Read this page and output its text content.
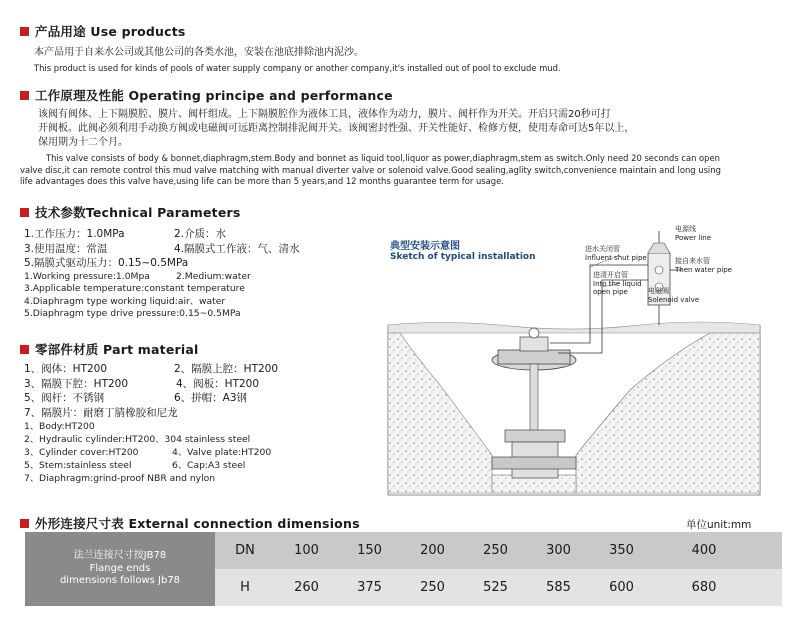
产品用途 Use products
本产品用于自来水公司或其他公司的各类水池，安装在池底排除池内泥沙。
This product is used for kinds of pools of water supply company or another company,it's installed out of pool to exclude mud.
工作原理及性能 Operating principe and performance
该阀有阀体、上下隔膜腔、膜片、阀杆组成。上下隔膜腔作为液体工具，液体作为动力，膜片、阀杆作为开关。开启只需20秒可打
开阀板。此阀必须利用手动换方阀或电磁阀可远距离控制排泥阀开关。该阀密封性强、开关性能好、检修方便，使用寿命可达5年以上，
保用期为十二个月。
This valve consists of body & bonnet,diaphragm,stem.Body and bonnet as liquid tool,liquor as power,diaphragm,stem as switch.Only need 20 seconds can open
valve disc,it can remote control this mud valve matching with manual diverter valve or solenoid valve.Good sealing,aglity switch,convenience maintain and long using
life advantages does this valve have,using life can be more than 5 years,and 12 months guarantee term for usage.
技术参数Technical Parameters
1.工作压力：1.0MPa	2.介质：水
3.使用温度：常温	4.隔膜式工作液：气、清水
5.隔膜式驱动压力：0.15~0.5MPa
1.Working pressure:1.0Mpa	2.Medium:water
3.Applicable temperature:constant temperature
4.Diaphragm type working liquid:air、water
5.Diaphragm type drive pressure:0.15~0.5MPa
零部件材质 Part material
1、阀体：HT200	2、隔膜上腔：HT200
3、隔膜下腔：HT200	4、阀板：HT200
5、阀杆：不锈钢	6、拼帽：A3钢
7、隔膜片：耐磨丁腈橡胶和尼龙
1、Body:HT200
2、Hydraulic cylinder:HT200、304 stainless steel
3、Cylinder cover:HT200	4、Valve plate:HT200
5、Stem:stainless steel	6、Cap:A3 steel
7、Diaphragm:grind-proof NBR and nylon
典型安装示意图
Sketch of typical installation
电源线
Power line
进水关闭管
Influent shut pipe
进清开启管
Into the liquid
open pipe
接自来水管
Then water pipe
电磁阀
Solenoid valve
外形连接尺寸表 External connection dimensions	单位unit:mm
法兰连接尺寸按JB78
Flange ends
dimensions follows Jb78
DN	100	150	200	250	300	350	400
H	260	375	250	525	585	600	680
